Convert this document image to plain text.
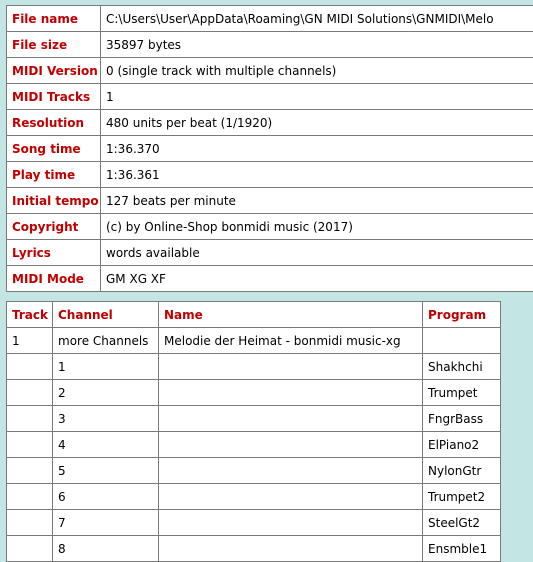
File name	C:\Users\User\AppData\Roaming\GN MIDI Solutions\GNMIDI\Melo
File size	35897 bytes
MIDI Version	0 (single track with multiple channels)
MIDI Tracks	1
Resolution	480 units per beat (1/1920)
Song time	1:36.370
Play time	1:36.361
Initial tempo	127 beats per minute
Copyright	(c) by Online-Shop bonmidi music (2017)
Lyrics	words available
MIDI Mode	GM XG XF
Track	Channel	Name	Program
1	more Channels	Melodie der Heimat - bonmidi music-xg	
	1		Shakhchi
	2		Trumpet
	3		FngrBass
	4		ElPiano2
	5		NylonGtr
	6		Trumpet2
	7		SteelGt2
	8		Ensmble1
